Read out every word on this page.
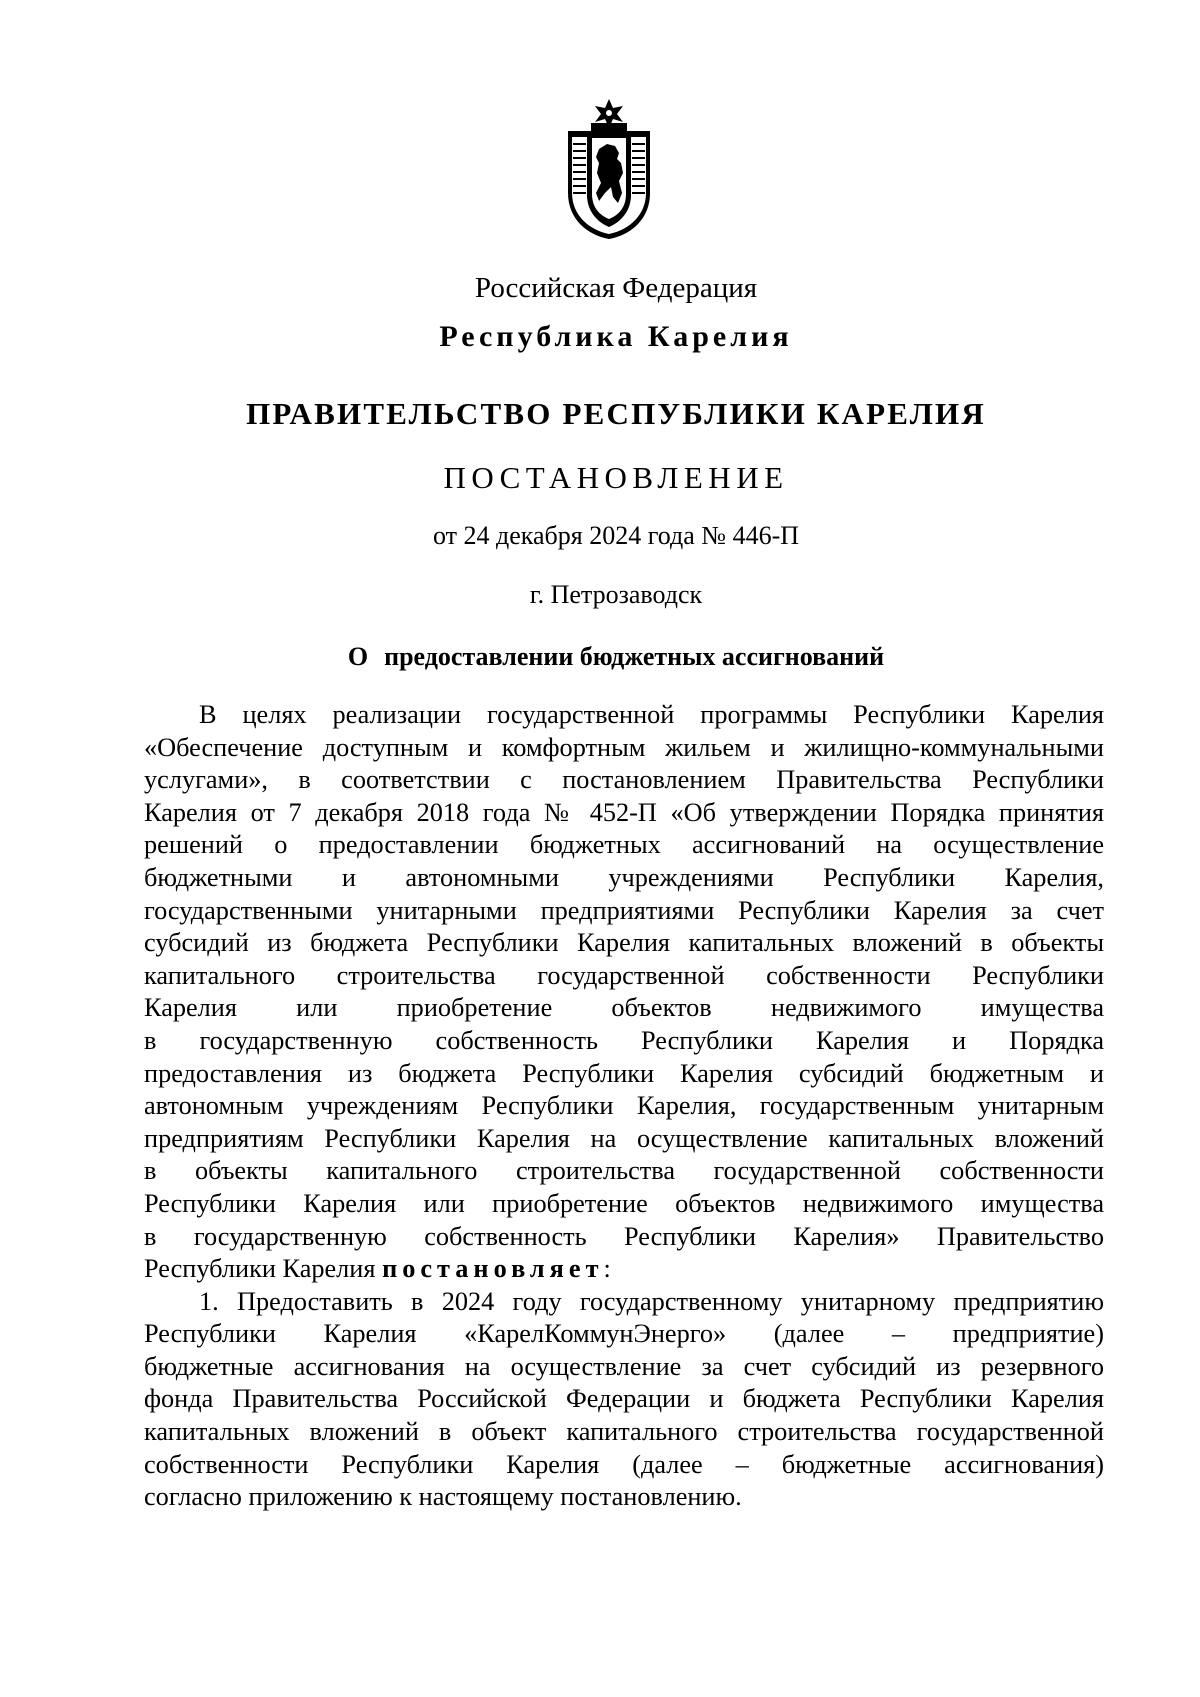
Российская Федерация
Республика Карелия
ПРАВИТЕЛЬСТВО РЕСПУБЛИКИ КАРЕЛИЯ
ПОСТАНОВЛЕНИЕ
от 24 декабря 2024 года № 446-П
г. Петрозаводск
О предоставлении бюджетных ассигнований
В целях реализации государственной программы Республики Карелия
«Обеспечение доступным и комфортным жильем и жилищно-коммунальными
услугами», в соответствии с постановлением Правительства Республики
Карелия от 7 декабря 2018 года № 452-П «Об утверждении Порядка принятия
решений о предоставлении бюджетных ассигнований на осуществление
бюджетными и автономными учреждениями Республики Карелия,
государственными унитарными предприятиями Республики Карелия за счет
субсидий из бюджета Республики Карелия капитальных вложений в объекты
капитального строительства государственной собственности Республики
Карелия или приобретение объектов недвижимого имущества
в государственную собственность Республики Карелия и Порядка
предоставления из бюджета Республики Карелия субсидий бюджетным и
автономным учреждениям Республики Карелия, государственным унитарным
предприятиям Республики Карелия на осуществление капитальных вложений
в объекты капитального строительства государственной собственности
Республики Карелия или приобретение объектов недвижимого имущества
в государственную собственность Республики Карелия» Правительство
Республики Карелия постановляет:
1. Предоставить в 2024 году государственному унитарному предприятию
Республики Карелия «КарелКоммунЭнерго» (далее – предприятие)
бюджетные ассигнования на осуществление за счет субсидий из резервного
фонда Правительства Российской Федерации и бюджета Республики Карелия
капитальных вложений в объект капитального строительства государственной
собственности Республики Карелия (далее – бюджетные ассигнования)
согласно приложению к настоящему постановлению.
